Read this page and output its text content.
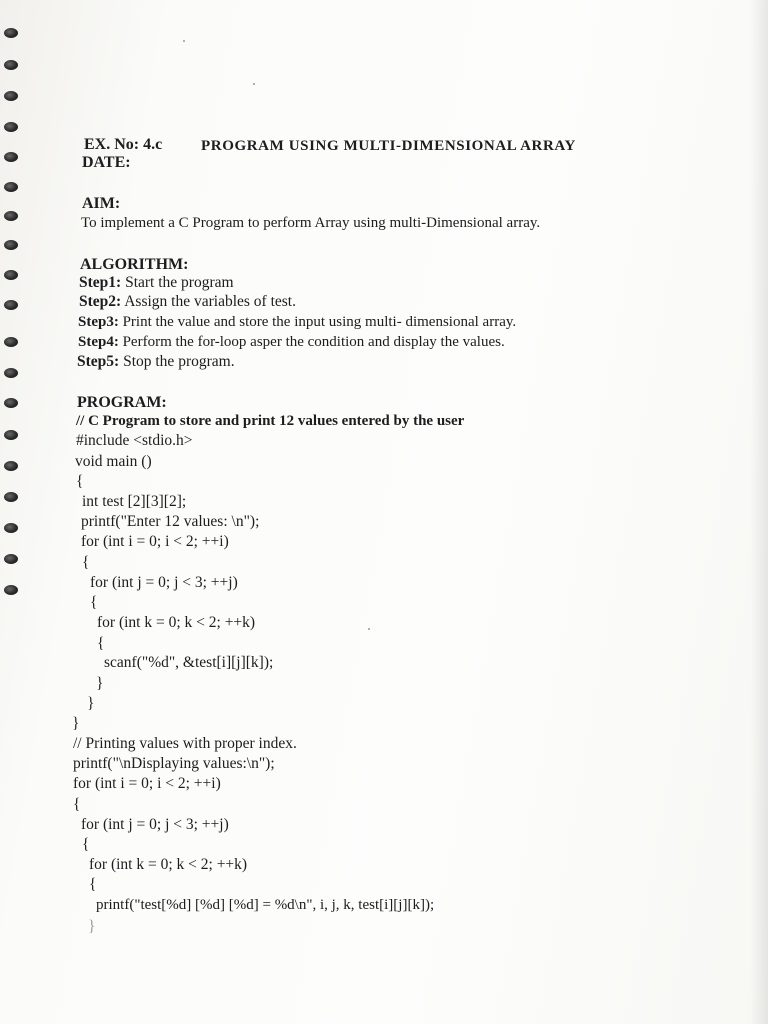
EX. No: 4.c	PROGRAM USING MULTI-DIMENSIONAL ARRAY
DATE:
AIM:
To implement a C Program to perform Array using multi-Dimensional array.
ALGORITHM:
Step1: Start the program
Step2: Assign the variables of test.
Step3: Print the value and store the input using multi- dimensional array.
Step4: Perform the for-loop asper the condition and display the values.
Step5: Stop the program.
PROGRAM:
// C Program to store and print 12 values entered by the user
#include <stdio.h>
void main ()
{
int test [2][3][2];
printf("Enter 12 values: \n");
for (int i = 0; i < 2; ++i)
{
for (int j = 0; j < 3; ++j)
{
for (int k = 0; k < 2; ++k)
{
scanf("%d", &test[i][j][k]);
}
}
}
// Printing values with proper index.
printf("\nDisplaying values:\n");
for (int i = 0; i < 2; ++i)
{
for (int j = 0; j < 3; ++j)
{
for (int k = 0; k < 2; ++k)
{
printf("test[%d] [%d] [%d] = %d\n", i, j, k, test[i][j][k]);
}
